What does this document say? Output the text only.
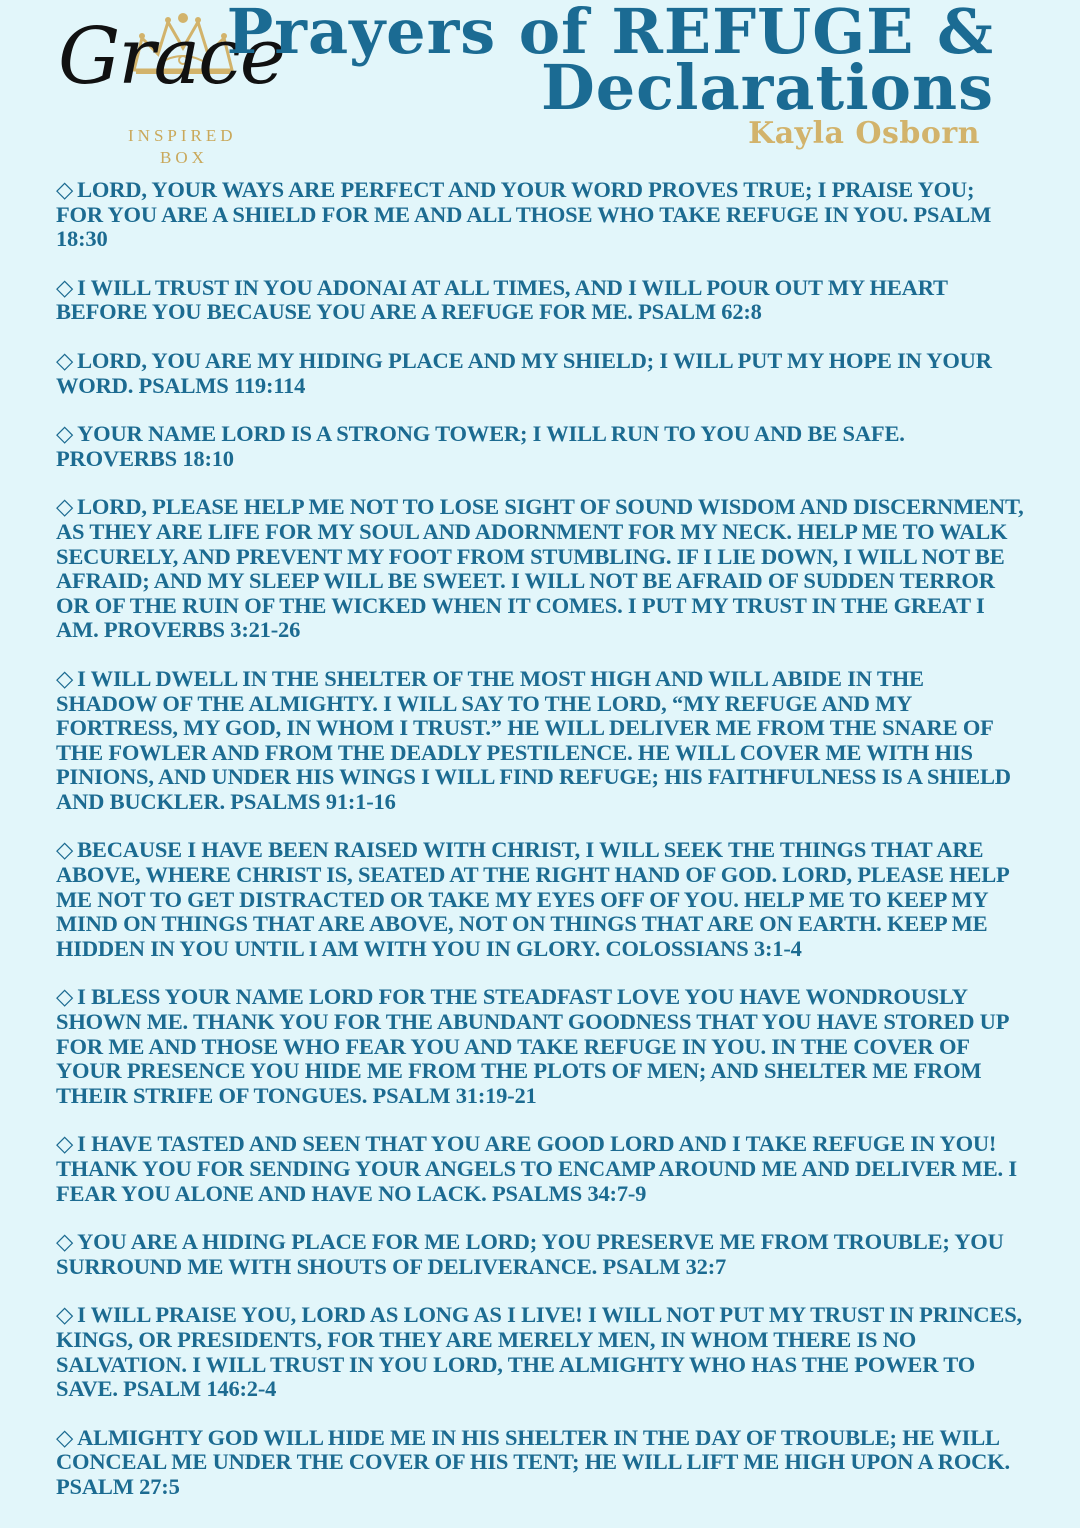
Grace
INSPIRED
BOX
Prayers of REFUGE &
Declarations
Kayla Osborn
◇ LORD, YOUR WAYS ARE PERFECT AND YOUR WORD PROVES TRUE; I PRAISE YOU; FOR YOU ARE A SHIELD FOR ME AND ALL THOSE WHO TAKE REFUGE IN YOU. PSALM 18:30
◇ I WILL TRUST IN YOU ADONAI AT ALL TIMES, AND I WILL POUR OUT MY HEART BEFORE YOU BECAUSE YOU ARE A REFUGE FOR ME. PSALM 62:8
◇ LORD, YOU ARE MY HIDING PLACE AND MY SHIELD; I WILL PUT MY HOPE IN YOUR WORD. PSALMS 119:114
◇ YOUR NAME LORD IS A STRONG TOWER; I WILL RUN TO YOU AND BE SAFE. PROVERBS 18:10
◇ LORD, PLEASE HELP ME NOT TO LOSE SIGHT OF SOUND WISDOM AND DISCERNMENT, AS THEY ARE LIFE FOR MY SOUL AND ADORNMENT FOR MY NECK. HELP ME TO WALK SECURELY, AND PREVENT MY FOOT FROM STUMBLING. IF I LIE DOWN, I WILL NOT BE AFRAID; AND MY SLEEP WILL BE SWEET. I WILL NOT BE AFRAID OF SUDDEN TERROR OR OF THE RUIN OF THE WICKED WHEN IT COMES. I PUT MY TRUST IN THE GREAT I AM. PROVERBS 3:21-26
◇ I WILL DWELL IN THE SHELTER OF THE MOST HIGH AND WILL ABIDE IN THE SHADOW OF THE ALMIGHTY. I WILL SAY TO THE LORD, “MY REFUGE AND MY FORTRESS, MY GOD, IN WHOM I TRUST.” HE WILL DELIVER ME FROM THE SNARE OF THE FOWLER AND FROM THE DEADLY PESTILENCE. HE WILL COVER ME WITH HIS PINIONS, AND UNDER HIS WINGS I WILL FIND REFUGE; HIS FAITHFULNESS IS A SHIELD AND BUCKLER. PSALMS 91:1-16
◇ BECAUSE I HAVE BEEN RAISED WITH CHRIST, I WILL SEEK THE THINGS THAT ARE ABOVE, WHERE CHRIST IS, SEATED AT THE RIGHT HAND OF GOD. LORD, PLEASE HELP ME NOT TO GET DISTRACTED OR TAKE MY EYES OFF OF YOU. HELP ME TO KEEP MY MIND ON THINGS THAT ARE ABOVE, NOT ON THINGS THAT ARE ON EARTH. KEEP ME HIDDEN IN YOU UNTIL I AM WITH YOU IN GLORY. COLOSSIANS 3:1-4
◇ I BLESS YOUR NAME LORD FOR THE STEADFAST LOVE YOU HAVE WONDROUSLY SHOWN ME. THANK YOU FOR THE ABUNDANT GOODNESS THAT YOU HAVE STORED UP FOR ME AND THOSE WHO FEAR YOU AND TAKE REFUGE IN YOU. IN THE COVER OF YOUR PRESENCE YOU HIDE ME FROM THE PLOTS OF MEN; AND SHELTER ME FROM THEIR STRIFE OF TONGUES. PSALM 31:19-21
◇ I HAVE TASTED AND SEEN THAT YOU ARE GOOD LORD AND I TAKE REFUGE IN YOU! THANK YOU FOR SENDING YOUR ANGELS TO ENCAMP AROUND ME AND DELIVER ME. I FEAR YOU ALONE AND HAVE NO LACK. PSALMS 34:7-9
◇ YOU ARE A HIDING PLACE FOR ME LORD; YOU PRESERVE ME FROM TROUBLE; YOU SURROUND ME WITH SHOUTS OF DELIVERANCE. PSALM 32:7
◇ I WILL PRAISE YOU, LORD AS LONG AS I LIVE! I WILL NOT PUT MY TRUST IN PRINCES, KINGS, OR PRESIDENTS, FOR THEY ARE MERELY MEN, IN WHOM THERE IS NO SALVATION. I WILL TRUST IN YOU LORD, THE ALMIGHTY WHO HAS THE POWER TO SAVE. PSALM 146:2-4
◇ ALMIGHTY GOD WILL HIDE ME IN HIS SHELTER IN THE DAY OF TROUBLE; HE WILL CONCEAL ME UNDER THE COVER OF HIS TENT; HE WILL LIFT ME HIGH UPON A ROCK. PSALM 27:5
